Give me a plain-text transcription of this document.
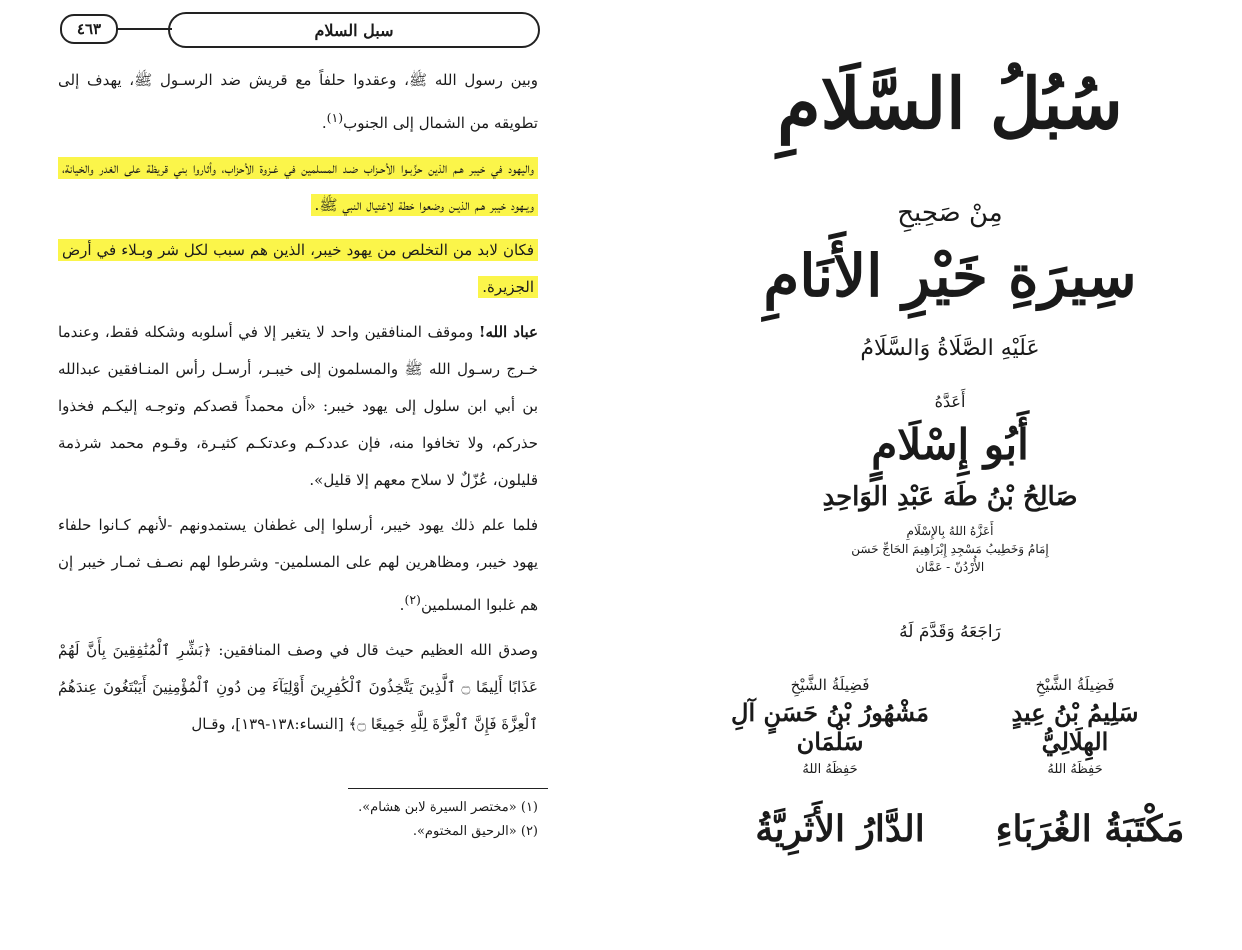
سبل السلام
٤٦٣

وبين رسول الله ﷺ، وعقدوا حلفاً مع قريش ضد الرسـول ﷺ، يهدف إلى تطويقه من الشمال إلى الجنوب$^{(١)}$.

واليهود في خيبر هـم الذين حزَّبـوا الأحـزاب ضـد المسلمين في غـزوة الأحزاب، وأثاروا بني قريظة على الغدر والخيانة، ويـهود خيبر هـم الذيـن وضعوا خطة لاغتيال النبي ﷺ.

فكان لابد من التخلص من يهود خيبر، الذين هم سبب لكل شر وبـلاء في أرض الجزيرة.

عباد الله! وموقف المنافقين واحد لا يتغير إلا في أسلوبه وشكله فقط، وعندما خـرج رسـول الله ﷺ والمسلمون إلى خيبـر، أرسـل رأس المنـافقين عبدالله بن أبي ابن سلول إلى يهود خيبر: «أن محمداً قصدكم وتوجـه إليكـم فخذوا حذركم، ولا تخافوا منه، فإن عددكـم وعدتكـم كثيـرة، وقـوم محمد شرذمة قليلون، عُزّلٌ لا سلاح معهم إلا قليل».

فلما علم ذلك يهود خيبر، أرسلوا إلى غطفان يستمدونهم -لأنهم كـانوا حلفاء يهود خيبر، ومظاهرين لهم على المسلمين- وشرطوا لهم نصـف ثمـار خيبر إن هم غلبوا المسلمين$^{(٢)}$.

وصدق الله العظيم حيث قال في وصف المنافقين: ﴿بَشِّرِ ٱلْمُنَٰفِقِينَ بِأَنَّ لَهُمْ عَذَابًا أَلِيمًا ۝ ٱلَّذِينَ يَتَّخِذُونَ ٱلْكَٰفِرِينَ أَوْلِيَآءَ مِن دُونِ ٱلْمُؤْمِنِينَ أَيَبْتَغُونَ عِندَهُمُ ٱلْعِزَّةَ فَإِنَّ ٱلْعِزَّةَ لِلَّهِ جَمِيعًا ۝﴾ [النساء:١٣٨-١٣٩]، وقـال

(١) «مختصر السيرة لابن هشام».
(٢) «الرحيق المختوم».
سُبُلُ السَّلَامِ
مِنْ صَحِيحِ
سِيرَةِ خَيْرِ الأَنَامِ
عَلَيْهِ الصَّلَاةُ وَالسَّلَامُ
أَعَدَّهُ
أَبُو إِسْلَامٍ
صَالِحُ بْنُ طَهَ عَبْدِ الوَاحِدِ
أَعَزَّهُ اللهُ بِالإِسْلَامِ
إِمَامُ وَخَطِيبُ مَسْجِدِ إِبْرَاهِيمَ الحَاجِّ حَسَن
الأُرْدُنّ - عَمَّان
رَاجَعَهُ وَقَدَّمَ لَهُ
فَضِيلَةُ الشَّيْخِ
سَلِيمُ بْنُ عِيدٍ الهِلَالِيُّ
حَفِظَهُ اللهُ
فَضِيلَةُ الشَّيْخِ
مَشْهُورُ بْنُ حَسَنٍ آلِ سَلْمَان
حَفِظَهُ اللهُ
مَكْتَبَةُ الغُرَبَاءِ
الدَّارُ الأَثَرِيَّةُ
